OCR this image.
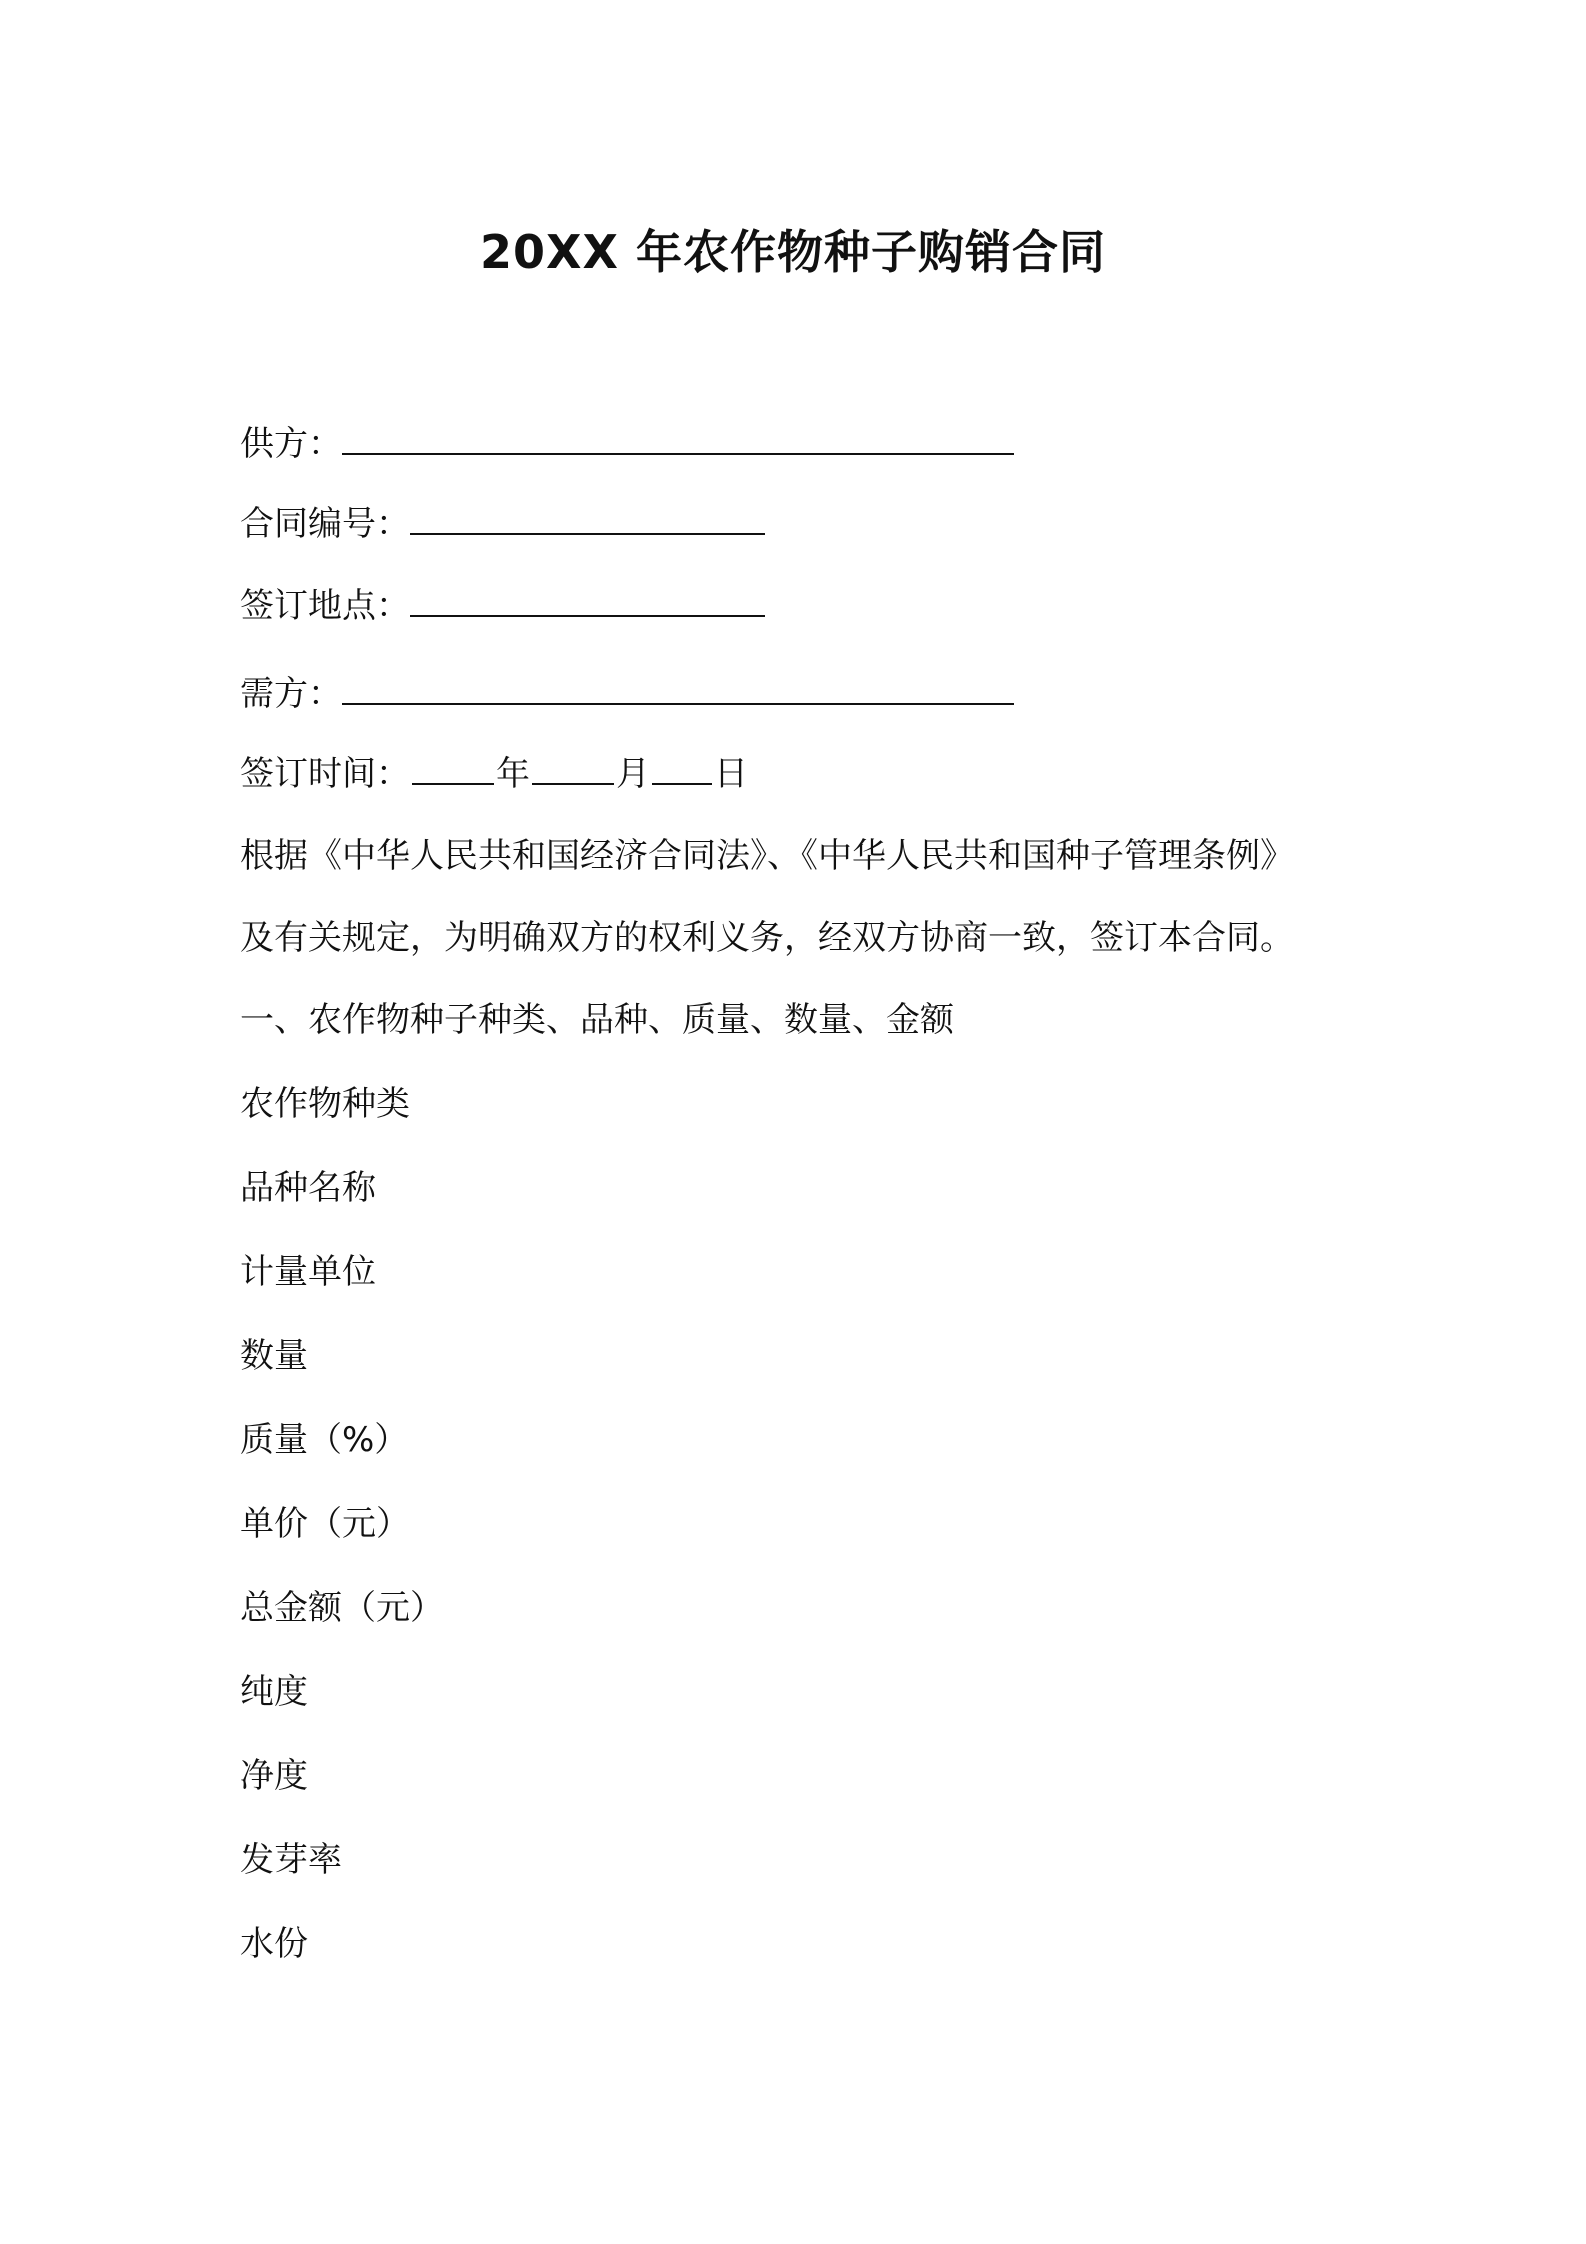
20XX 年农作物种子购销合同
供方：
合同编号：
签订地点：
需方：
签订时间：	年	月 日
根据《中华人民共和国经济合同法》、《中华人民共和国种子管理条例》
及有关规定，为明确双方的权利义务，经双方协商一致，签订本合同。
一、农作物种子种类、品种、质量、数量、金额
农作物种类
品种名称
计量单位
数量
质量（%）
单价（元）
总金额（元）
纯度
净度
发芽率
水份
